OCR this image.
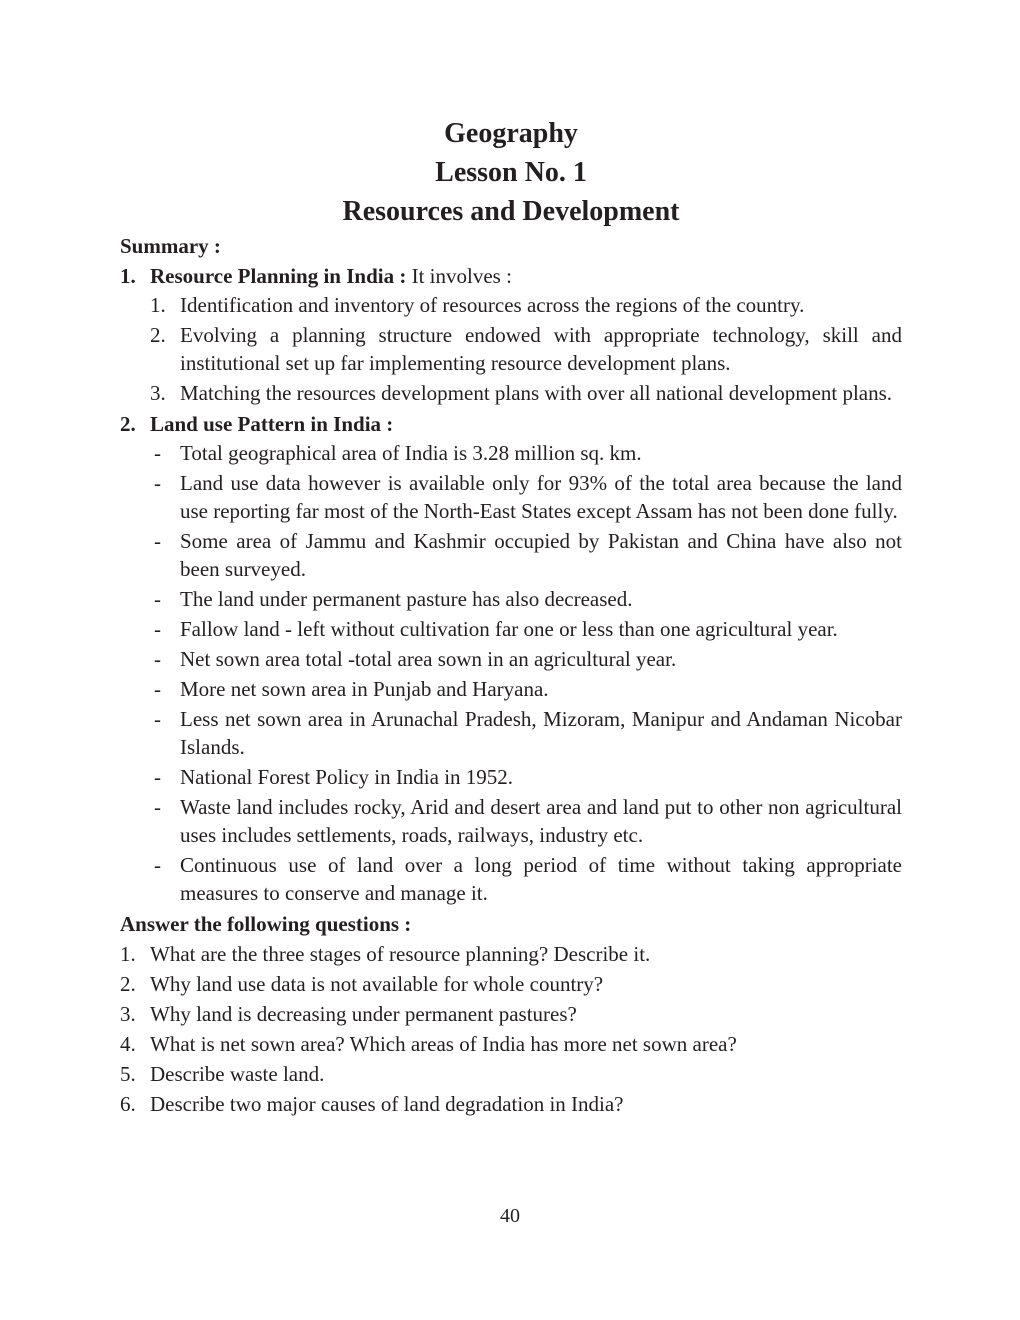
Geography
Lesson No. 1
Resources and Development
Summary :
1. Resource Planning in India : It involves :
1. Identification and inventory of resources across the regions of the country.
2. Evolving a planning structure endowed with appropriate technology, skill and institutional set up far implementing resource development plans.
3. Matching the resources development plans with over all national development plans.
2. Land use Pattern in India :
- Total geographical area of India is 3.28 million sq. km.
- Land use data however is available only for 93% of the total area because the land use reporting far most of the North-East States except Assam has not been done fully.
- Some area of Jammu and Kashmir occupied by Pakistan and China have also not been surveyed.
- The land under permanent pasture has also decreased.
- Fallow land - left without cultivation far one or less than one agricultural year.
- Net sown area total -total area sown in an agricultural year.
- More net sown area in Punjab and Haryana.
- Less net sown area in Arunachal Pradesh, Mizoram, Manipur and Andaman Nicobar Islands.
- National Forest Policy in India in 1952.
- Waste land includes rocky, Arid and desert area and land put to other non agricultural uses includes settlements, roads, railways, industry etc.
- Continuous use of land over a long period of time without taking appropriate measures to conserve and manage it.
Answer the following questions :
1. What are the three stages of resource planning? Describe it.
2. Why land use data is not available for whole country?
3. Why land is decreasing under permanent pastures?
4. What is net sown area? Which areas of India has more net sown area?
5. Describe waste land.
6. Describe two major causes of land degradation in India?
40
